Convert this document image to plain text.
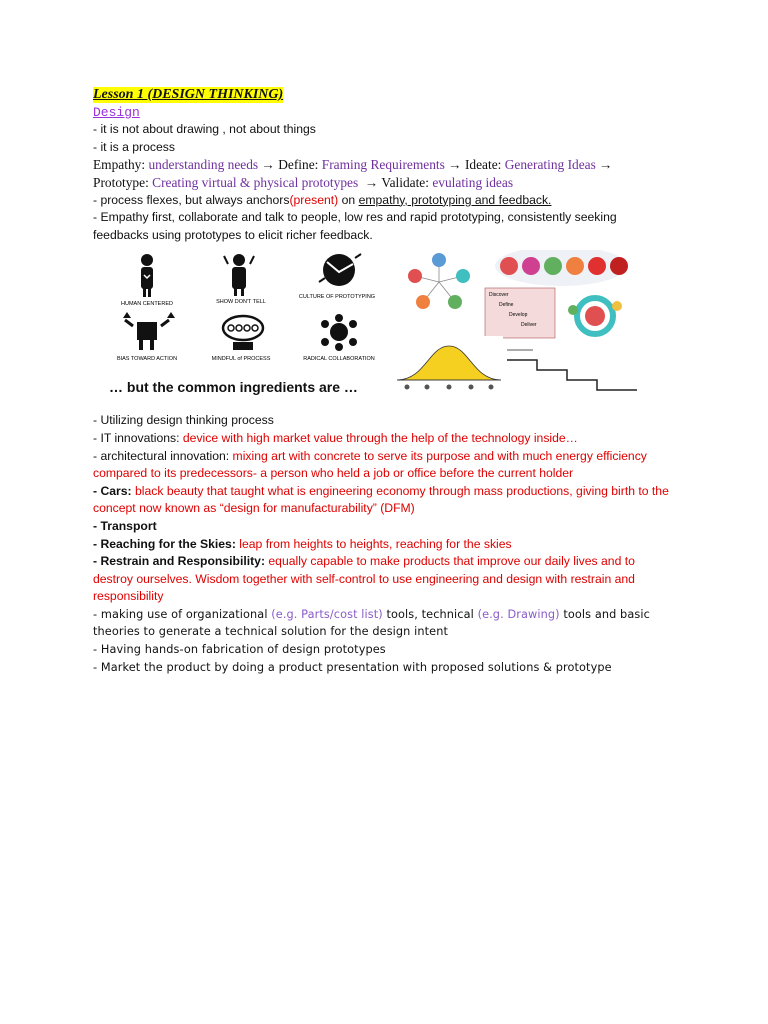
Lesson 1 (DESIGN THINKING)
Design
- it is not about drawing , not about things
- it is a process
Empathy: understanding needs → Define: Framing Requirements → Ideate: Generating Ideas →
Prototype: Creating virtual & physical prototypes  → Validate: evulating ideas
- process flexes, but always anchors(present) on empathy, prototyping and feedback.
- Empathy first, collaborate and talk to people, low res and rapid prototyping, consistently seeking feedbacks using prototypes to elicit richer feedback.
HUMAN CENTERED	SHOW DON'T TELL
CULTURE OF PROTOTYPING
BIAS TOWARD ACTION	MINDFUL of PROCESS	RADICAL COLLABORATION
… but the common ingredients are …
Discover
Define
Develop
Deliver
- Utilizing design thinking process
- IT innovations: device with high market value through the help of the technology inside…
- architectural innovation: mixing art with concrete to serve its purpose and with much energy efficiency compared to its predecessors- a person who held a job or office before the current holder
- Cars: black beauty that taught what is engineering economy through mass productions, giving birth to the concept now known as “design for manufacturability” (DFM)
- Transport
- Reaching for the Skies: leap from heights to heights, reaching for the skies
- Restrain and Responsibility: equally capable to make products that improve our daily lives and to destroy ourselves. Wisdom together with self-control to use engineering and design with restrain and responsibility
- making use of organizational (e.g. Parts/cost list) tools, technical (e.g. Drawing) tools and basic theories to generate a technical solution for the design intent
- Having hands-on fabrication of design prototypes
- Market the product by doing a product presentation with proposed solutions & prototype
